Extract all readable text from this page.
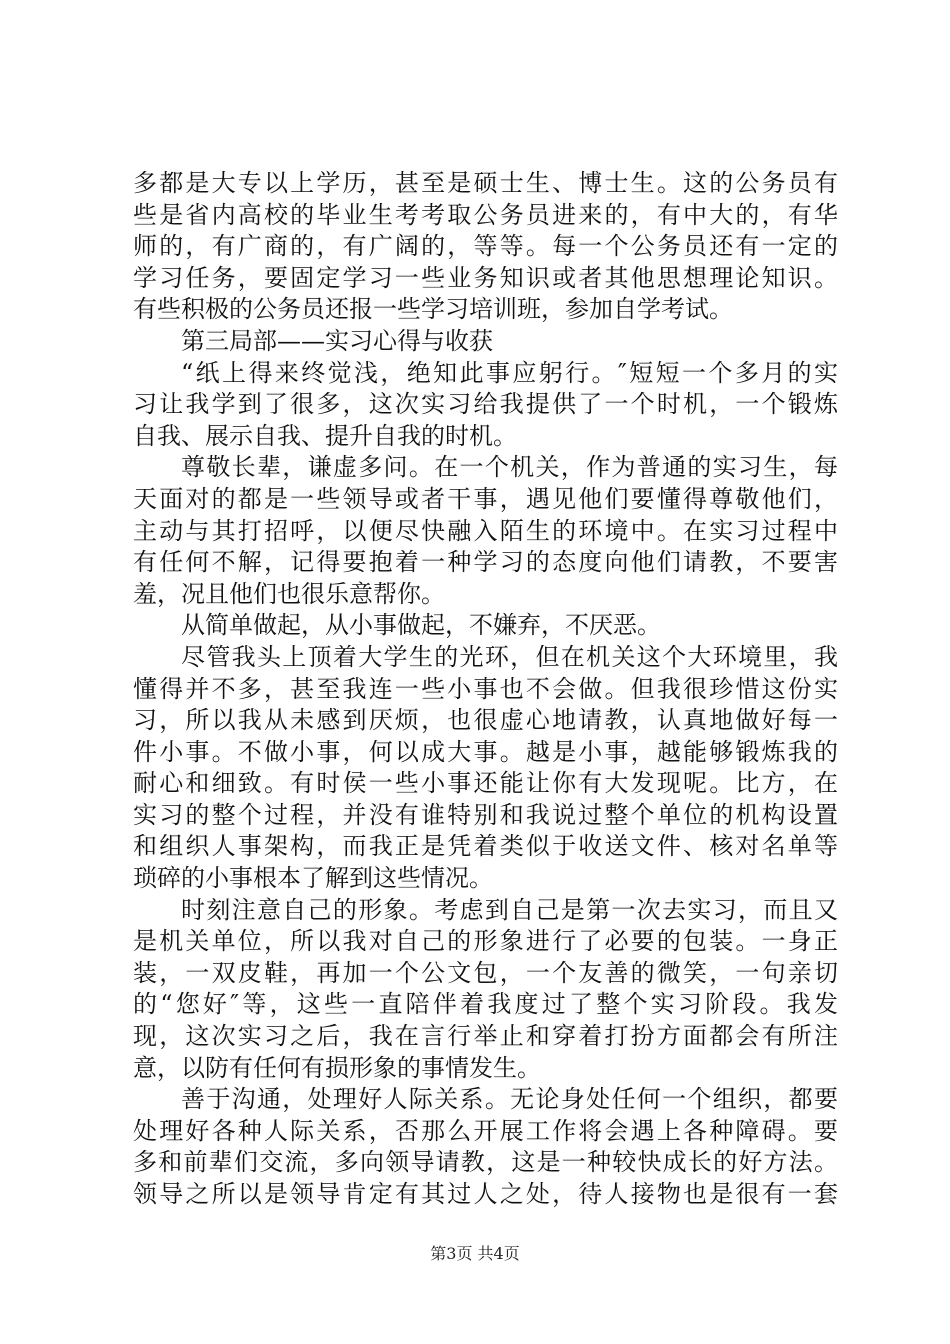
多都是大专以上学历，甚至是硕士生、博士生。这的公务员有
些是省内高校的毕业生考考取公务员进来的，有中大的，有华
师的，有广商的，有广阔的，等等。每一个公务员还有一定的
学习任务，要固定学习一些业务知识或者其他思想理论知识。
有些积极的公务员还报一些学习培训班，参加自学考试。
第三局部——实习心得与收获
“纸上得来终觉浅，绝知此事应躬行。″短短一个多月的实
习让我学到了很多，这次实习给我提供了一个时机，一个锻炼
自我、展示自我、提升自我的时机。
尊敬长辈，谦虚多问。在一个机关，作为普通的实习生，每
天面对的都是一些领导或者干事，遇见他们要懂得尊敬他们，
主动与其打招呼，以便尽快融入陌生的环境中。在实习过程中
有任何不解，记得要抱着一种学习的态度向他们请教，不要害
羞，况且他们也很乐意帮你。
从简单做起，从小事做起，不嫌弃，不厌恶。
尽管我头上顶着大学生的光环，但在机关这个大环境里，我
懂得并不多，甚至我连一些小事也不会做。但我很珍惜这份实
习，所以我从未感到厌烦，也很虚心地请教，认真地做好每一
件小事。不做小事，何以成大事。越是小事，越能够锻炼我的
耐心和细致。有时侯一些小事还能让你有大发现呢。比方，在
实习的整个过程，并没有谁特别和我说过整个单位的机构设置
和组织人事架构，而我正是凭着类似于收送文件、核对名单等
琐碎的小事根本了解到这些情况。
时刻注意自己的形象。考虑到自己是第一次去实习，而且又
是机关单位，所以我对自己的形象进行了必要的包装。一身正
装，一双皮鞋，再加一个公文包，一个友善的微笑，一句亲切
的“您好″等，这些一直陪伴着我度过了整个实习阶段。我发
现，这次实习之后，我在言行举止和穿着打扮方面都会有所注
意，以防有任何有损形象的事情发生。
善于沟通，处理好人际关系。无论身处任何一个组织，都要
处理好各种人际关系，否那么开展工作将会遇上各种障碍。要
多和前辈们交流，多向领导请教，这是一种较快成长的好方法。
领导之所以是领导肯定有其过人之处，待人接物也是很有一套
第3页 共4页
